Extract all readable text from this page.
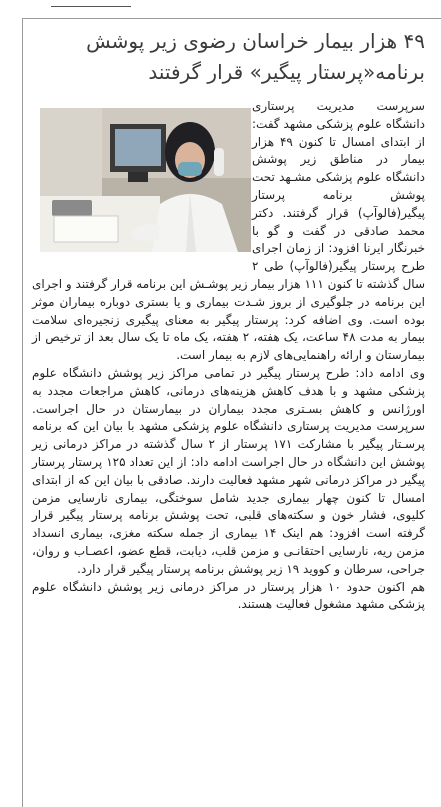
۴۹ هزار بیمار خراسان رضوی زیر پوشش برنامه«پرستار پیگیر» قرار گرفتند

سرپرست مدیریت پرستاری دانشگاه علوم پزشکی مشهد گفت: از ابتدای امسال تا کنون ۴۹ هزار بیمار در مناطق زیر پوشش دانشگاه علوم پزشکی مشـهد تحت پوشش برنامه پرستار پیگیر(فالوآپ) قرار گرفتند. دکتر محمد صادقی در گفت و گو با خبرنگار ایرنا افزود: از زمان اجرای طرح پرستار پیگیر(فالوآپ) طی ۲ سال گذشته تا کنون ۱۱۱ هزار بیمار زیر پوشـش این برنامه قرار گرفتند و اجرای این برنامه در جلوگیری از بروز شـدت بیماری و یا بستری دوباره بیماران موثر بوده است. وی اضافه کرد: پرستار پیگیر به معنای پیگیری زنجیره‌ای سلامت بیمار به مدت ۴۸ ساعت، یک هفته، ۲ هفته، یک ماه تا یک سال بعد از ترخیص از بیمارستان و ارائه راهنمایی‌های لازم به بیمار است.

وی ادامه داد: طرح پرستار پیگیر در تمامی مراکز زیر پوشش دانشگاه علوم پزشکی مشهد و با هدف کاهش هزینه‌های درمانی، کاهش مراجعات مجدد به اورژانس و کاهش بسـتری مجدد بیماران در بیمارستان در حال اجراست. سرپرست مدیریت پرستاری دانشگاه علوم پزشکی مشهد با بیان این که برنامه پرسـتار پیگیر با مشارکت ۱۷۱ پرستار از ۲ سال گذشته در مراکز درمانی زیر پوشش این دانشگاه در حال اجراست ادامه داد: از این تعداد ۱۲۵ پرستار پرستار پیگیر در مراکز درمانی شهر مشهد فعالیت دارند. صادقی با بیان این که از ابتدای امسال تا کنون چهار بیماری جدید شامل سوختگی، بیماری نارسایی مزمن کلیوی، فشار خون و سکته‌های قلبی، تحت پوشش برنامه پرستار پیگیر قرار گرفته است افزود: هم اینک ۱۴ بیماری از جمله سکته مغزی، بیماری انسداد مزمن ریه، نارسایی احتقانـی و مزمن قلب، دیابت، قطع عضو، اعصـاب و روان، جراحی، سرطان و کووید ۱۹ زیر پوشش برنامه پرستار پیگیر قرار دارد.

هم اکنون حدود ۱۰ هزار پرستار در مراکز درمانی زیر پوشش دانشگاه علوم پزشکی مشهد مشغول فعالیت هستند.
